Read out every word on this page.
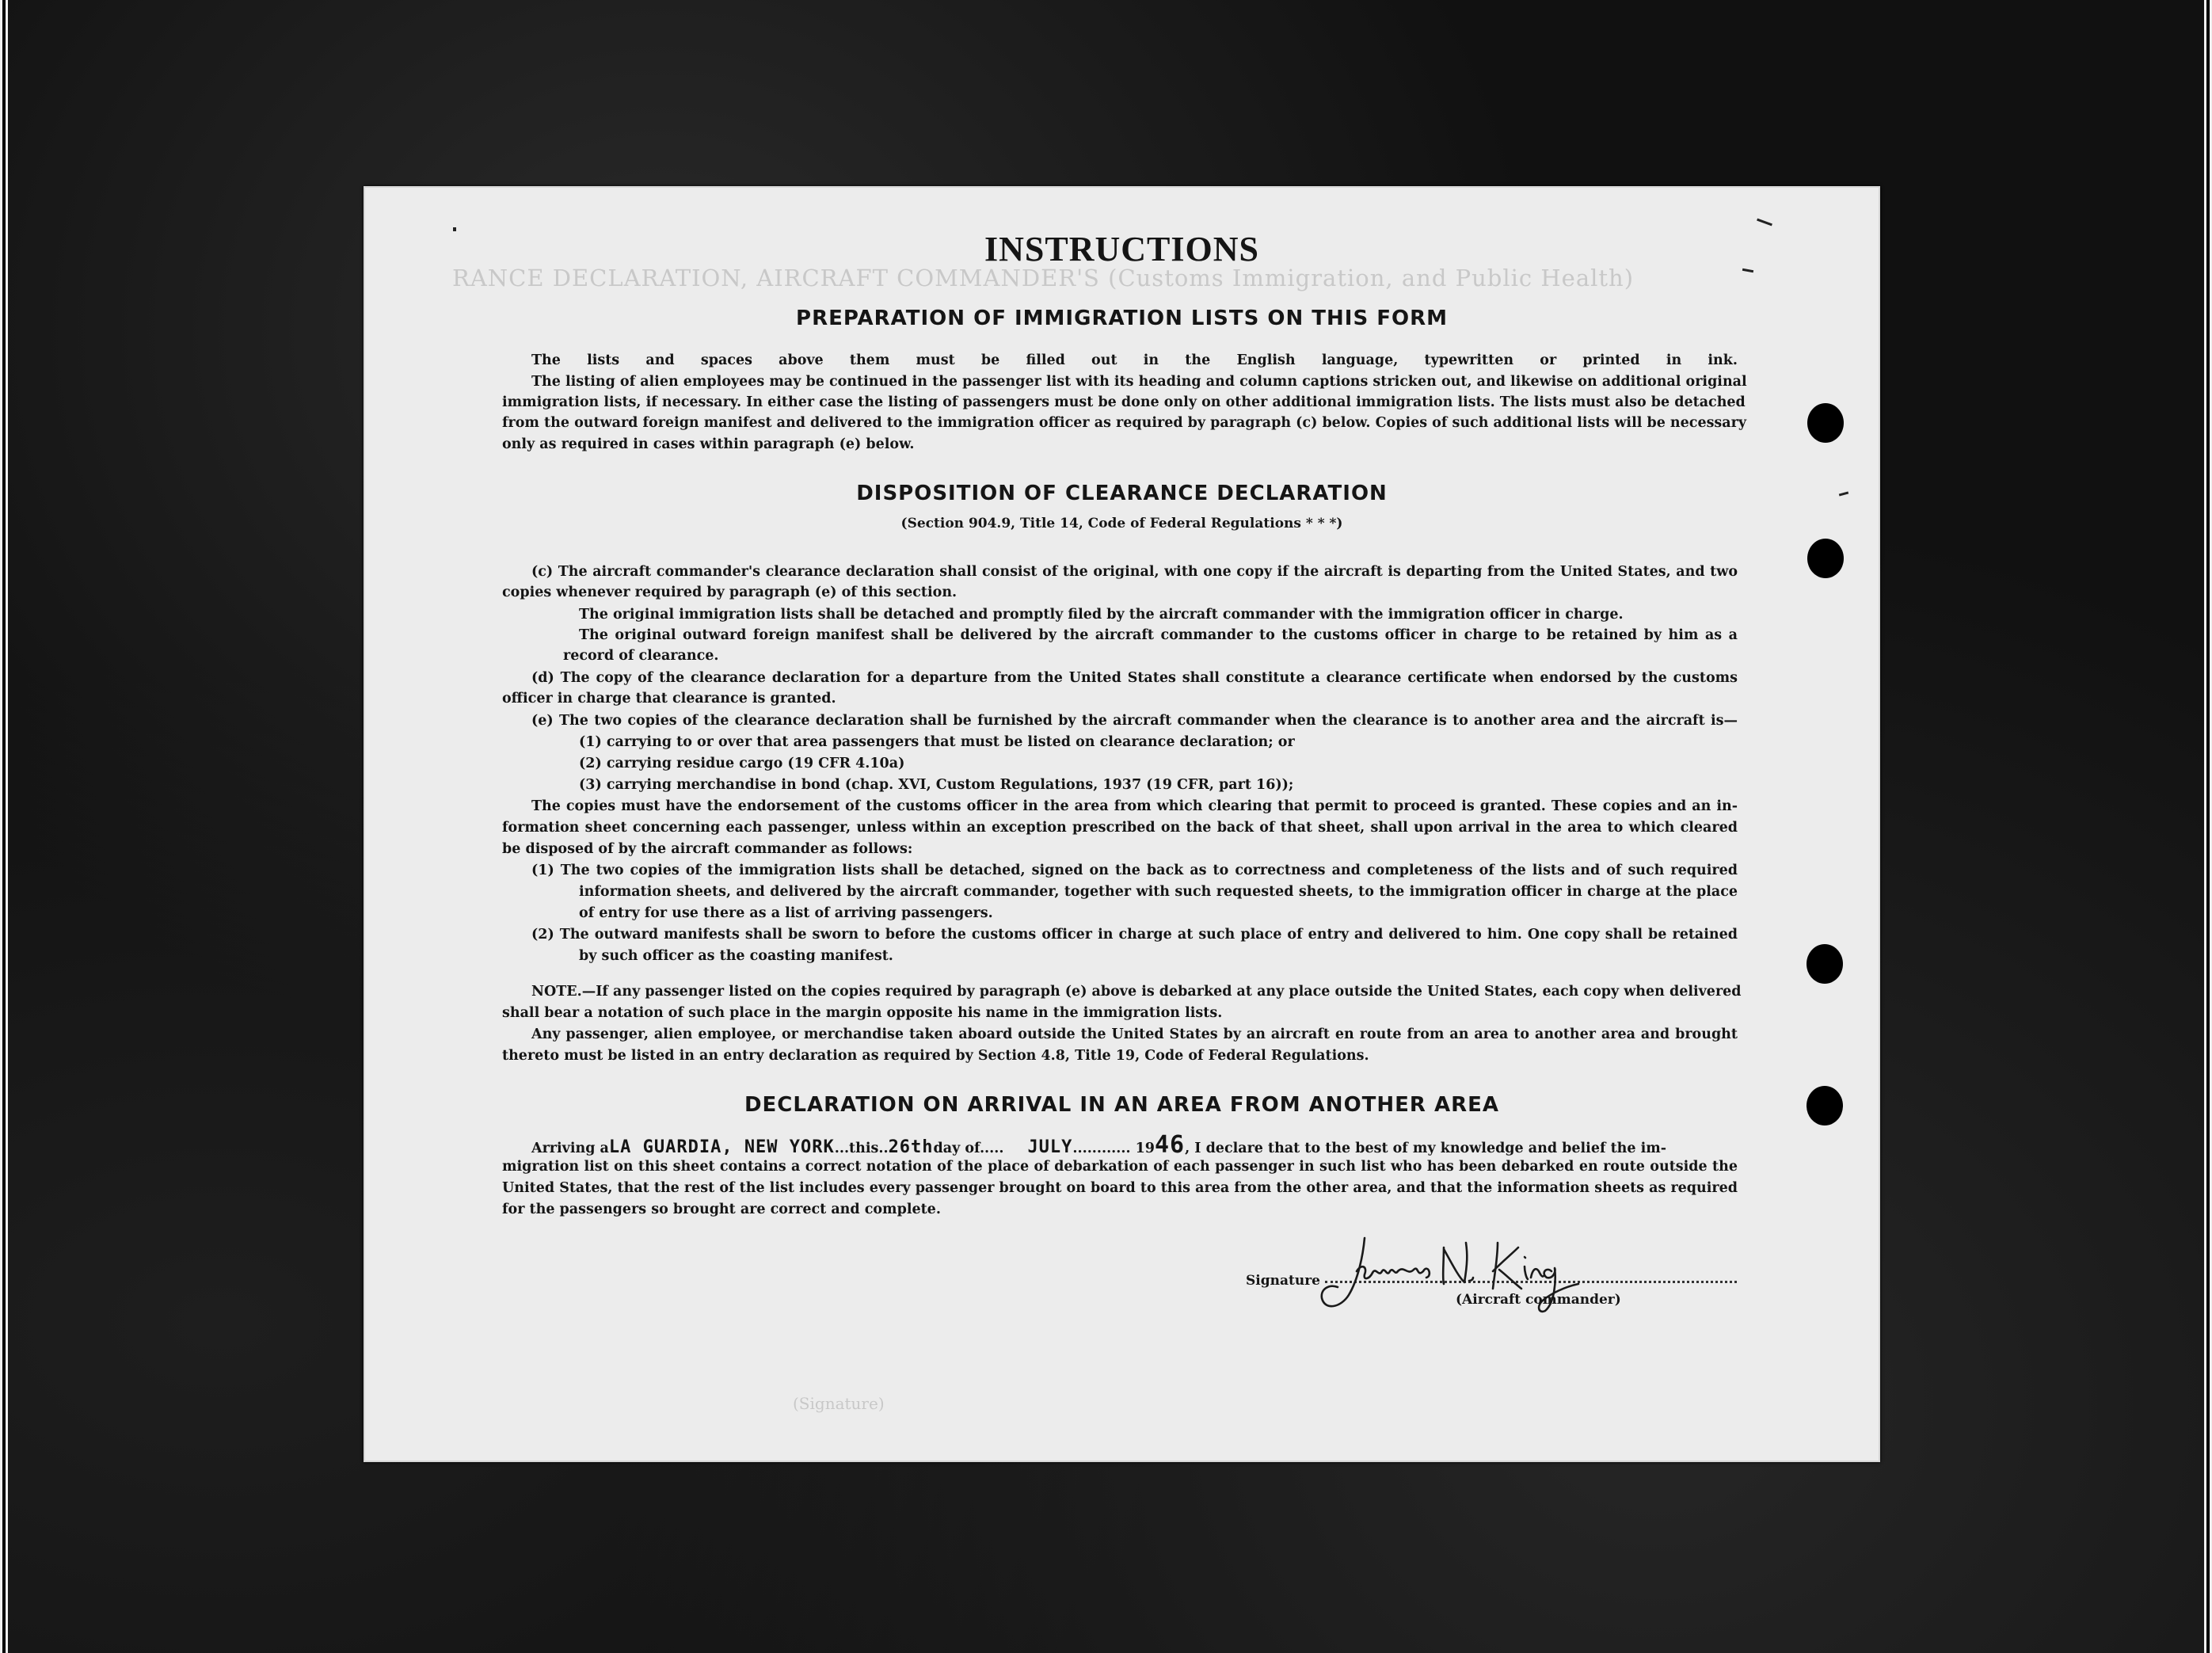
RANCE DECLARATION, AIRCRAFT COMMANDER'S (Customs Immigration, and Public Health)
(Signature)
INSTRUCTIONS
PREPARATION OF IMMIGRATION LISTS ON THIS FORM
The lists and spaces above them must be filled out in the English language, typewritten or printed in ink.
The listing of alien employees may be continued in the passenger list with its heading and column captions stricken out, and likewise on additional original
immigration lists, if necessary. In either case the listing of passengers must be done only on other additional immigration lists. The lists must also be detached
from the outward foreign manifest and delivered to the immigration officer as required by paragraph (c) below. Copies of such additional lists will be necessary
only as required in cases within paragraph (e) below.
DISPOSITION OF CLEARANCE DECLARATION
(Section 904.9, Title 14, Code of Federal Regulations * * *)
(c) The aircraft commander's clearance declaration shall consist of the original, with one copy if the aircraft is departing from the United States, and two
copies whenever required by paragraph (e) of this section.
The original immigration lists shall be detached and promptly filed by the aircraft commander with the immigration officer in charge.
The original outward foreign manifest shall be delivered by the aircraft commander to the customs officer in charge to be retained by him as a
record of clearance.
(d) The copy of the clearance declaration for a departure from the United States shall constitute a clearance certificate when endorsed by the customs
officer in charge that clearance is granted.
(e) The two copies of the clearance declaration shall be furnished by the aircraft commander when the clearance is to another area and the aircraft is—
(1) carrying to or over that area passengers that must be listed on clearance declaration; or
(2) carrying residue cargo (19 CFR 4.10a)
(3) carrying merchandise in bond (chap. XVI, Custom Regulations, 1937 (19 CFR, part 16));
The copies must have the endorsement of the customs officer in the area from which clearing that permit to proceed is granted. These copies and an in-
formation sheet concerning each passenger, unless within an exception prescribed on the back of that sheet, shall upon arrival in the area to which cleared
be disposed of by the aircraft commander as follows:
(1) The two copies of the immigration lists shall be detached, signed on the back as to correctness and completeness of the lists and of such required
information sheets, and delivered by the aircraft commander, together with such requested sheets, to the immigration officer in charge at the place
of entry for use there as a list of arriving passengers.
(2) The outward manifests shall be sworn to before the customs officer in charge at such place of entry and delivered to him. One copy shall be retained
by such officer as the coasting manifest.
NOTE.—If any passenger listed on the copies required by paragraph (e) above is debarked at any place outside the United States, each copy when delivered
shall bear a notation of such place in the margin opposite his name in the immigration lists.
Any passenger, alien employee, or merchandise taken aboard outside the United States by an aircraft en route from an area to another area and brought
thereto must be listed in an entry declaration as required by Section 4.8, Title 19, Code of Federal Regulations.
DECLARATION ON ARRIVAL IN AN AREA FROM ANOTHER AREA
Arriving aLA GUARDIA, NEW YORK...this..26thday of..... JULY............ 1946, I declare that to the best of my knowledge and belief the im-
migration list on this sheet contains a correct notation of the place of debarkation of each passenger in such list who has been debarked en route outside the
United States, that the rest of the list includes every passenger brought on board to this area from the other area, and that the information sheets as required
for the passengers so brought are correct and complete.
Signature
(Aircraft commander)
